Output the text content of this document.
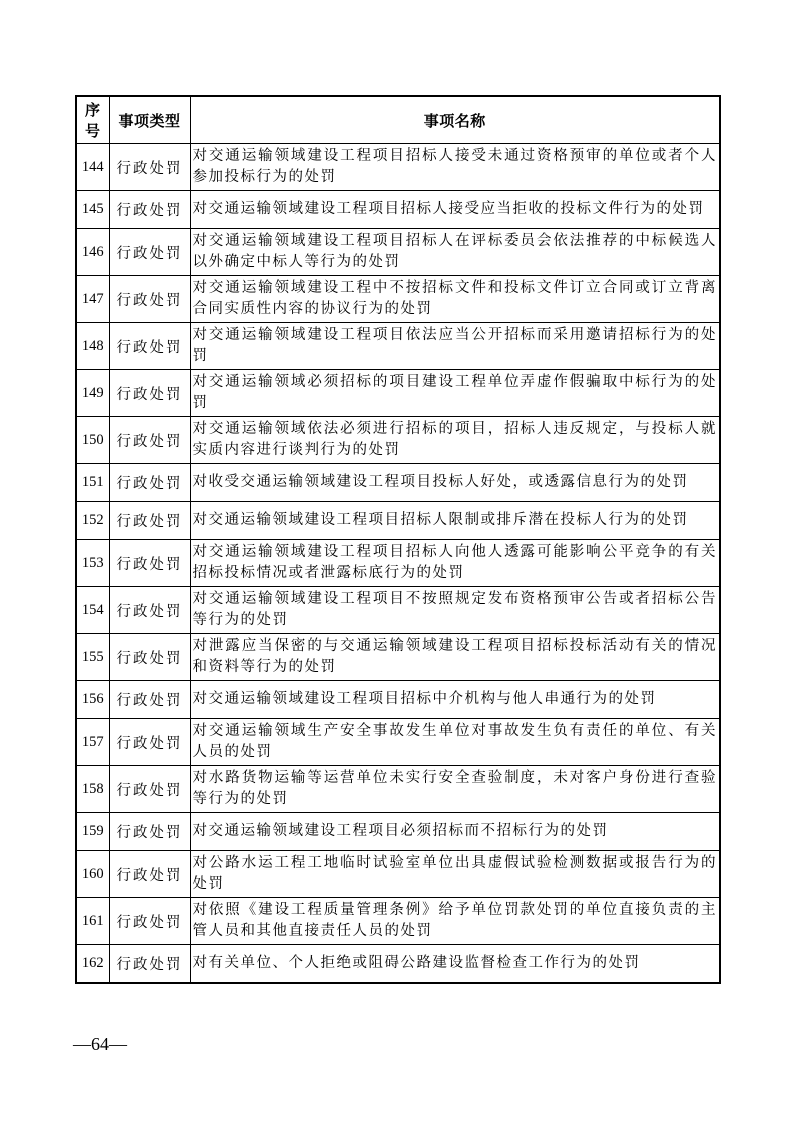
序号	事项类型	事项名称
144	行政处罚	对交通运输领域建设工程项目招标人接受未通过资格预审的单位或者个人参加投标行为的处罚
145	行政处罚	对交通运输领域建设工程项目招标人接受应当拒收的投标文件行为的处罚
146	行政处罚	对交通运输领域建设工程项目招标人在评标委员会依法推荐的中标候选人以外确定中标人等行为的处罚
147	行政处罚	对交通运输领域建设工程中不按招标文件和投标文件订立合同或订立背离合同实质性内容的协议行为的处罚
148	行政处罚	对交通运输领域建设工程项目依法应当公开招标而采用邀请招标行为的处罚
149	行政处罚	对交通运输领域必须招标的项目建设工程单位弄虚作假骗取中标行为的处罚
150	行政处罚	对交通运输领域依法必须进行招标的项目，招标人违反规定，与投标人就实质内容进行谈判行为的处罚
151	行政处罚	对收受交通运输领域建设工程项目投标人好处，或透露信息行为的处罚
152	行政处罚	对交通运输领域建设工程项目招标人限制或排斥潜在投标人行为的处罚
153	行政处罚	对交通运输领域建设工程项目招标人向他人透露可能影响公平竞争的有关招标投标情况或者泄露标底行为的处罚
154	行政处罚	对交通运输领域建设工程项目不按照规定发布资格预审公告或者招标公告等行为的处罚
155	行政处罚	对泄露应当保密的与交通运输领域建设工程项目招标投标活动有关的情况和资料等行为的处罚
156	行政处罚	对交通运输领域建设工程项目招标中介机构与他人串通行为的处罚
157	行政处罚	对交通运输领域生产安全事故发生单位对事故发生负有责任的单位、有关人员的处罚
158	行政处罚	对水路货物运输等运营单位未实行安全查验制度，未对客户身份进行查验等行为的处罚
159	行政处罚	对交通运输领域建设工程项目必须招标而不招标行为的处罚
160	行政处罚	对公路水运工程工地临时试验室单位出具虚假试验检测数据或报告行为的处罚
161	行政处罚	对依照《建设工程质量管理条例》给予单位罚款处罚的单位直接负责的主管人员和其他直接责任人员的处罚
162	行政处罚	对有关单位、个人拒绝或阻碍公路建设监督检查工作行为的处罚
—64—
